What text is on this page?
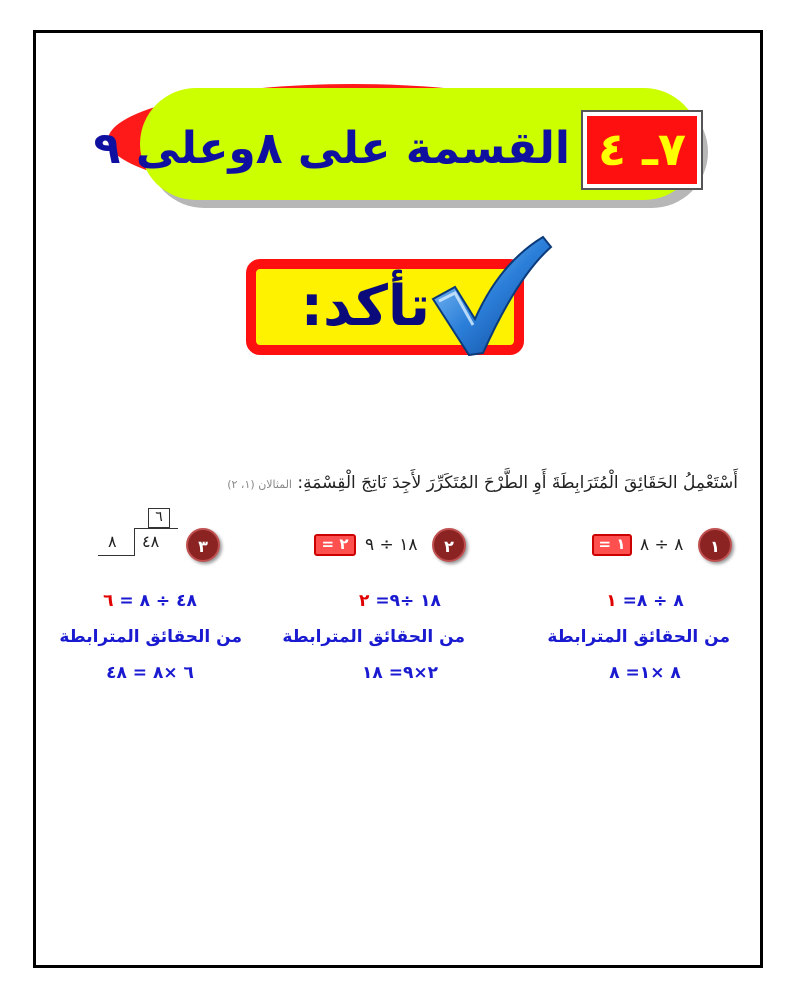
القسمة على ٨وعلى ٩ ٧ـ ٤
تأكد:
أَسْتَعْمِلُ الحَقَائِقَ الْمُتَرَابِطَةَ أَوِ الطَّرْحَ المُتَكَرِّرَ لأَجِدَ نَاتِجَ الْقِسْمَةِ: المثالان (١، ٢)
١
٨ ÷ ٨
= ١
٨ ÷ ٨= ١
من الحقائق المترابطة
٨ ×١= ٨
٢
١٨ ÷ ٩
= ٢
١٨ ÷٩= ٢
من الحقائق المترابطة
٢×٩= ١٨
٣
٦
٨ ٤٨
٤٨ ÷ ٨ = ٦
من الحقائق المترابطة
٦ ×٨ = ٤٨
